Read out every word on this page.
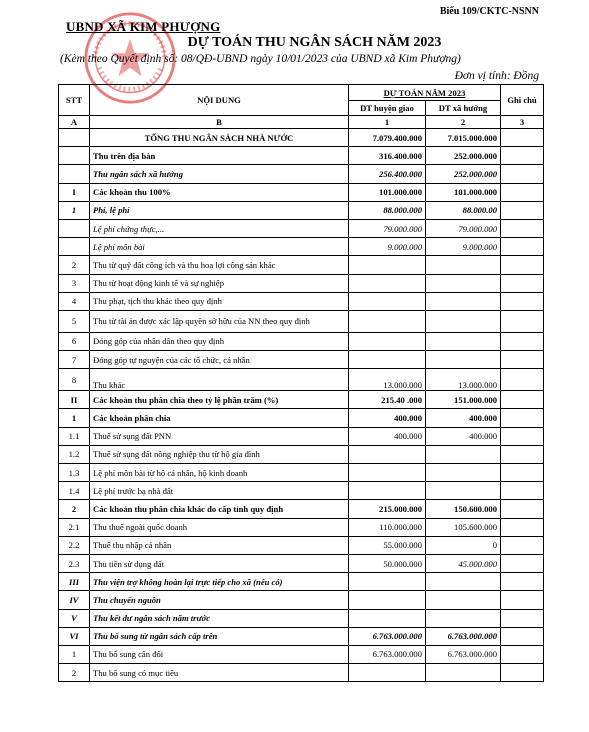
Biểu 109/CKTC-NSNN
UBND XÃ KIM PHƯỢNG
DỰ TOÁN THU NGÂN SÁCH NĂM 2023
(Kèm theo Quyết định số: 08/QĐ-UBND ngày 10/01/2023 của UBND xã Kim Phượng)
Đơn vị tính: Đồng
STT	NỘI DUNG	DỰ TOÁN NĂM 2023		Ghi chú
		DT huyện giao	DT xã hướng	
A	B	1	2	3
	TỔNG THU NGÂN SÁCH NHÀ NƯỚC	7.079.400.000	7.015.000.000	
	Thu trên địa bàn	316.400.000	252.000.000	
	Thu ngân sách xã hưởng	256.400.000	252.000.000	
I	Các khoản thu 100%	101.000.000	101.000.000	
1	Phí, lệ phí	88.000.000	88.000.00	
	Lệ phí chứng thực,...	79.000.000	79.000.000	
	Lệ phí môn bài	9.000.000	9.000.000	
2	Thu từ quỹ đất công ích và thu hoa lợi công sản khác			
3	Thu từ hoạt động kinh tế và sự nghiệp			
4	Thu phạt, tịch thu khác theo quy định			
5	Thu từ tài ản được xác lập quyền sở hữu của NN theo quy định			
6	Đóng góp của nhân dân theo quy định			
7	Đóng góp tự nguyện của các tổ chức, cá nhân			
8	Thu khác	13.000.000	13.000.000	
II	Các khoản thu phân chia theo tỷ lệ phần trăm (%)	215.40 .000	151.000.000	
1	Các khoản phân chia	400.000	400.000	
1.1	Thuế sử sụng đất PNN	400.000	400.000	
1.2	Thuế sử sụng đất nông nghiệp thu từ hộ gia đình			
1.3	Lệ phí môn bài từ hộ cá nhân, hộ kinh doanh			
1.4	Lệ phí trước bạ nhà đất			
2	Các khoản thu phân chia khác do cấp tỉnh quy định	215.000.000	150.600.000	
2.1	Thu thuế ngoài quốc doanh	110.000.000	105.600.000	
2.2	Thuế thu nhập cá nhân	55.000.000	0	
2.3	Thu tiền sử dụng đất	50.000.000	45.000.000	
III	Thu viện trợ không hoàn lại trực tiếp cho xã (nếu có)			
IV	Thu chuyển nguồn			
V	Thu kết dư ngân sách năm trước			
VI	Thu bổ sung từ ngân sách cấp trên	6.763.000.000	6.763.000.000	
1	Thu bổ sung cân đối	6.763.000.000	6.763.000.000	
2	Thu bổ sung có mục tiêu			
